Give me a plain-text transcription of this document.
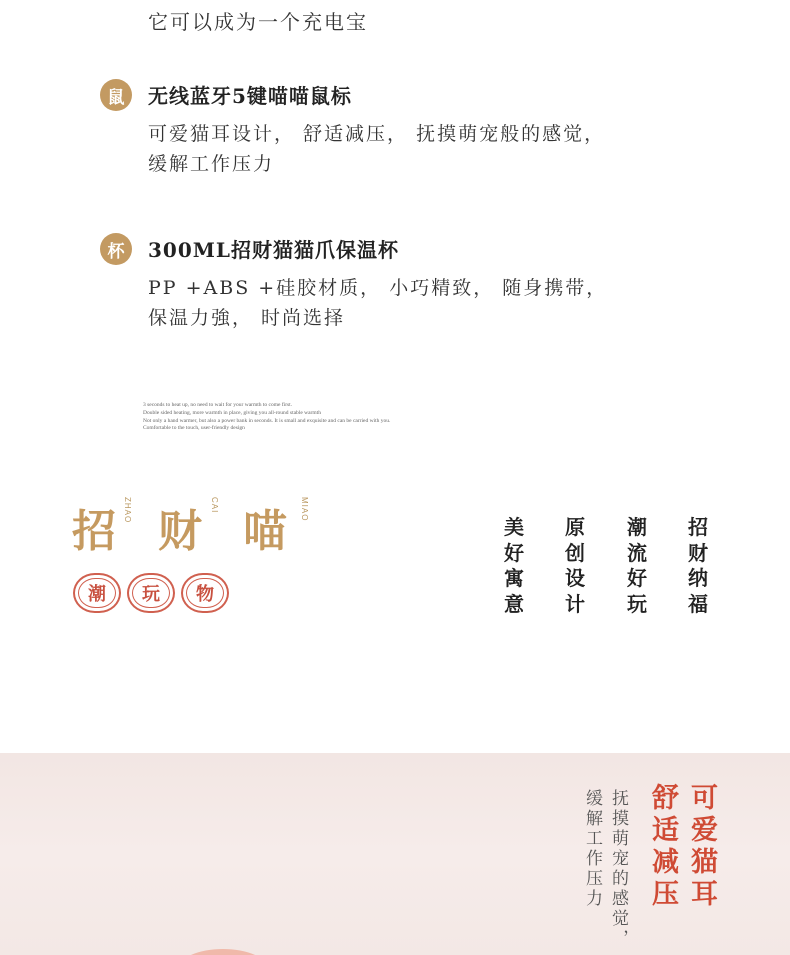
它可以成为一个充电宝
鼠	无线蓝牙5键喵喵鼠标
可爱猫耳设计， 舒适减压， 抚摸萌宠般的感觉，
缓解工作压力
杯	300ML招财猫猫爪保温杯
PP +ABS +硅胶材质， 小巧精致， 随身携带，
保温力強， 时尚选择
3 seconds to heat up, no need to wait for your warmth to come first.
Double sided heating, more warmth in place, giving you all-round stable warmth
Not only a hand warmer, but also a power bank in seconds. It is small and exquisite and can be carried with you.
Comfortable to the touch, user-friendly design
招 ZHAO 财
CAI
喵 MIAO
潮 玩 物
美好寓意
原创设计
潮流好玩
招财纳福
可爱猫耳
舒适减压
抚摸萌宠的感觉，
缓解工作压力
